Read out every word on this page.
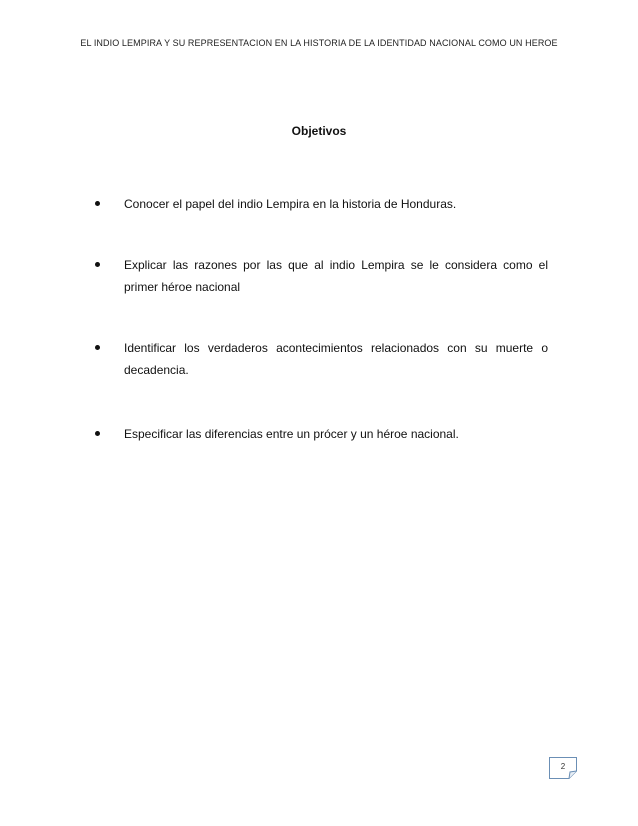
EL INDIO LEMPIRA Y SU REPRESENTACION EN LA HISTORIA DE LA IDENTIDAD NACIONAL COMO UN HEROE
Objetivos
Conocer el papel del indio Lempira en la historia de Honduras.
Explicar las razones por las que al indio Lempira se le considera como el primer héroe nacional
Identificar los verdaderos acontecimientos relacionados con su muerte o decadencia.
Especificar las diferencias entre un prócer y un héroe nacional.
2
